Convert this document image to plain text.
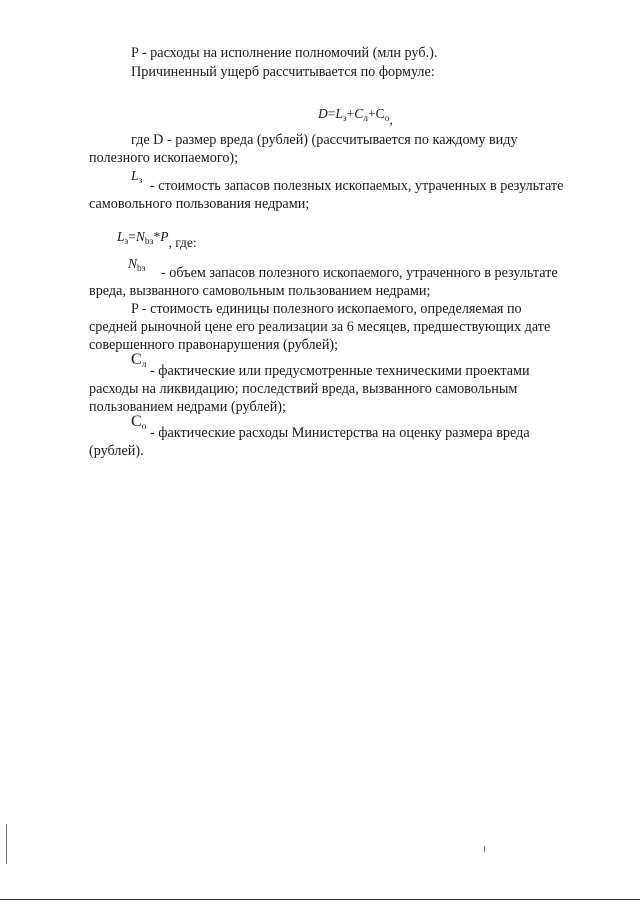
P - расходы на исполнение полномочий (млн руб.).
Причиненный ущерб рассчитывается по формуле:
$D=L_з+C_л+C_о$,
где D - размер вреда (рублей) (рассчитывается по каждому виду
полезного ископаемого);
$L_з$ - стоимость запасов полезных ископаемых, утраченных в результате
самовольного пользования недрами;
$L_з=N_{bз}*P$, где:
$N_{bз}$ - объем запасов полезного ископаемого, утраченного в результате
вреда, вызванного самовольным пользованием недрами;
P - стоимость единицы полезного ископаемого, определяемая по
средней рыночной цене его реализации за 6 месяцев, предшествующих дате
совершенного правонарушения (рублей);
Cл - фактические или предусмотренные техническими проектами
расходы на ликвидацию; последствий вреда, вызванного самовольным
пользованием недрами (рублей);
Cо - фактические расходы Министерства на оценку размера вреда
(рублей).
